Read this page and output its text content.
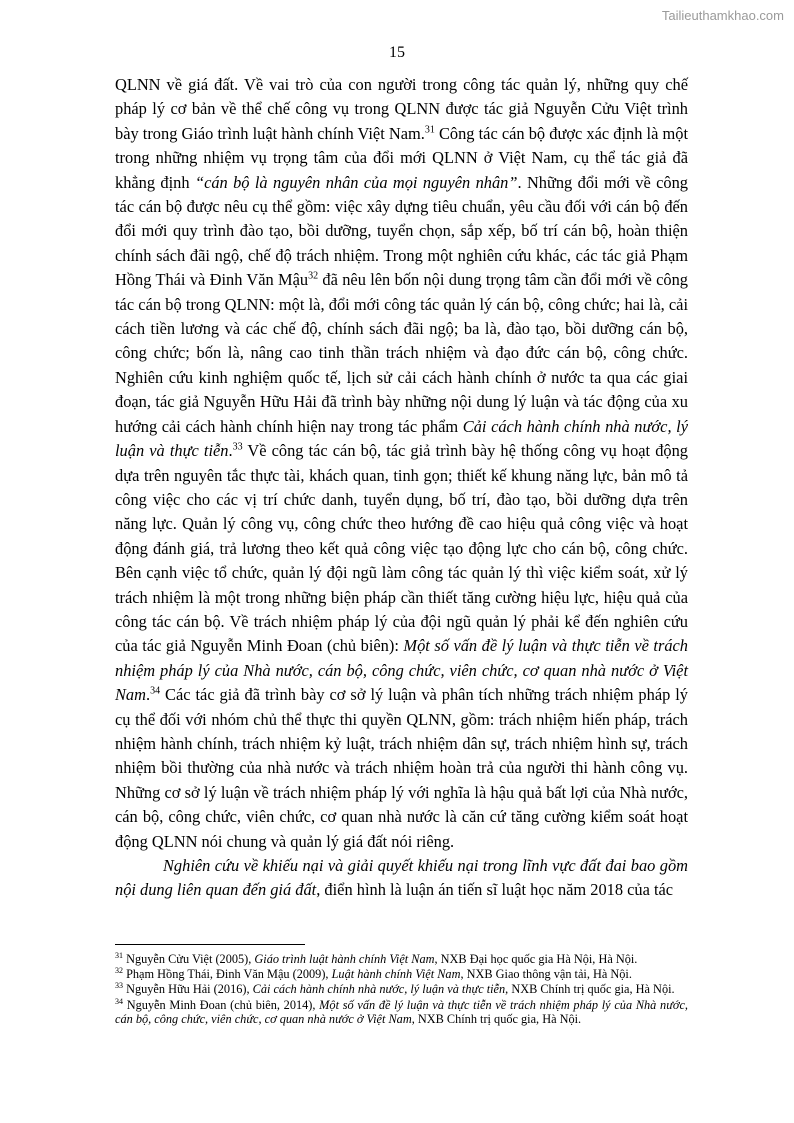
Tailieuthamkhao.com
15

QLNN về giá đất. Về vai trò của con người trong công tác quản lý, những quy chế pháp lý cơ bản về thể chế công vụ trong QLNN được tác giả Nguyễn Cửu Việt trình bày trong Giáo trình luật hành chính Việt Nam.$^{31}$ Công tác cán bộ được xác định là một trong những nhiệm vụ trọng tâm của đổi mới QLNN ở Việt Nam, cụ thể tác giả đã khẳng định “cán bộ là nguyên nhân của mọi nguyên nhân”. Những đổi mới về công tác cán bộ được nêu cụ thể gồm: việc xây dựng tiêu chuẩn, yêu cầu đối với cán bộ đến đổi mới quy trình đào tạo, bồi dưỡng, tuyển chọn, sắp xếp, bố trí cán bộ, hoàn thiện chính sách đãi ngộ, chế độ trách nhiệm. Trong một nghiên cứu khác, các tác giả Phạm Hồng Thái và Đinh Văn Mậu$^{32}$ đã nêu lên bốn nội dung trọng tâm cần đổi mới về công tác cán bộ trong QLNN: một là, đổi mới công tác quản lý cán bộ, công chức; hai là, cải cách tiền lương và các chế độ, chính sách đãi ngộ; ba là, đào tạo, bồi dưỡng cán bộ, công chức; bốn là, nâng cao tinh thần trách nhiệm và đạo đức cán bộ, công chức. Nghiên cứu kinh nghiệm quốc tế, lịch sử cải cách hành chính ở nước ta qua các giai đoạn, tác giả Nguyễn Hữu Hải đã trình bày những nội dung lý luận và tác động của xu hướng cải cách hành chính hiện nay trong tác phẩm Cải cách hành chính nhà nước, lý luận và thực tiễn.$^{33}$ Về công tác cán bộ, tác giả trình bày hệ thống công vụ hoạt động dựa trên nguyên tắc thực tài, khách quan, tinh gọn; thiết kế khung năng lực, bản mô tả công việc cho các vị trí chức danh, tuyển dụng, bố trí, đào tạo, bồi dưỡng dựa trên năng lực. Quản lý công vụ, công chức theo hướng đề cao hiệu quả công việc và hoạt động đánh giá, trả lương theo kết quả công việc tạo động lực cho cán bộ, công chức. Bên cạnh việc tổ chức, quản lý đội ngũ làm công tác quản lý thì việc kiểm soát, xử lý trách nhiệm là một trong những biện pháp cần thiết tăng cường hiệu lực, hiệu quả của công tác cán bộ. Về trách nhiệm pháp lý của đội ngũ quản lý phải kể đến nghiên cứu của tác giả Nguyễn Minh Đoan (chủ biên): Một số vấn đề lý luận và thực tiễn về trách nhiệm pháp lý của Nhà nước, cán bộ, công chức, viên chức, cơ quan nhà nước ở Việt Nam.$^{34}$ Các tác giả đã trình bày cơ sở lý luận và phân tích những trách nhiệm pháp lý cụ thể đối với nhóm chủ thể thực thi quyền QLNN, gồm: trách nhiệm hiến pháp, trách nhiệm hành chính, trách nhiệm kỷ luật, trách nhiệm dân sự, trách nhiệm hình sự, trách nhiệm bồi thường của nhà nước và trách nhiệm hoàn trả của người thi hành công vụ. Những cơ sở lý luận về trách nhiệm pháp lý với nghĩa là hậu quả bất lợi của Nhà nước, cán bộ, công chức, viên chức, cơ quan nhà nước là căn cứ tăng cường kiểm soát hoạt động QLNN nói chung và quản lý giá đất nói riêng.

Nghiên cứu về khiếu nại và giải quyết khiếu nại trong lĩnh vực đất đai bao gồm nội dung liên quan đến giá đất, điển hình là luận án tiến sĩ luật học năm 2018 của tác

$^{31}$ Nguyễn Cửu Việt (2005), Giáo trình luật hành chính Việt Nam, NXB Đại học quốc gia Hà Nội, Hà Nội.

$^{32}$ Phạm Hồng Thái, Đinh Văn Mậu (2009), Luật hành chính Việt Nam, NXB Giao thông vận tải, Hà Nội.

$^{33}$ Nguyễn Hữu Hải (2016), Cải cách hành chính nhà nước, lý luận và thực tiễn, NXB Chính trị quốc gia, Hà Nội.

$^{34}$ Nguyễn Minh Đoan (chủ biên, 2014), Một số vấn đề lý luận và thực tiễn về trách nhiệm pháp lý của Nhà nước, cán bộ, công chức, viên chức, cơ quan nhà nước ở Việt Nam, NXB Chính trị quốc gia, Hà Nội.
